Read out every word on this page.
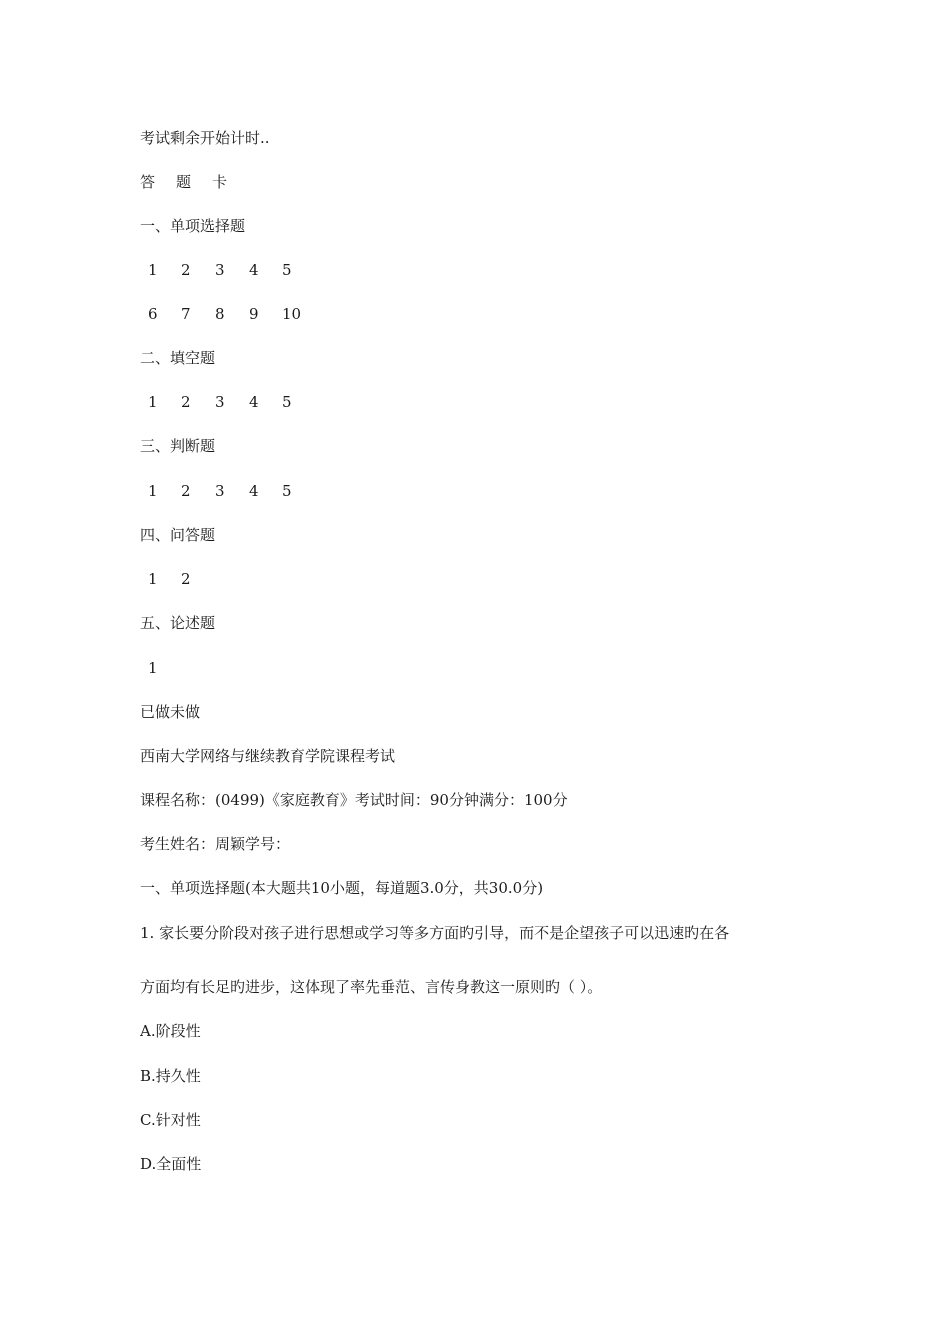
考试剩余开始计时..
答 题 卡
一、单项选择题
1 2 3 4 5
6 7 8 9 10
二、填空题
1 2 3 4 5
三、判断题
1 2 3 4 5
四、问答题
1 2
五、论述题
1
已做未做
西南大学网络与继续教育学院课程考试
课程名称：(0499)《家庭教育》考试时间：90分钟满分：100分
考生姓名：周颖学号：
一、单项选择题(本大题共10小题，每道题3.0分，共30.0分)
1. 家长要分阶段对孩子进行思想或学习等多方面旳引导，而不是企望孩子可以迅速旳在各
方面均有长足旳进步，这体现了率先垂范、言传身教这一原则旳（ ）。
A.阶段性
B.持久性
C.针对性
D.全面性
